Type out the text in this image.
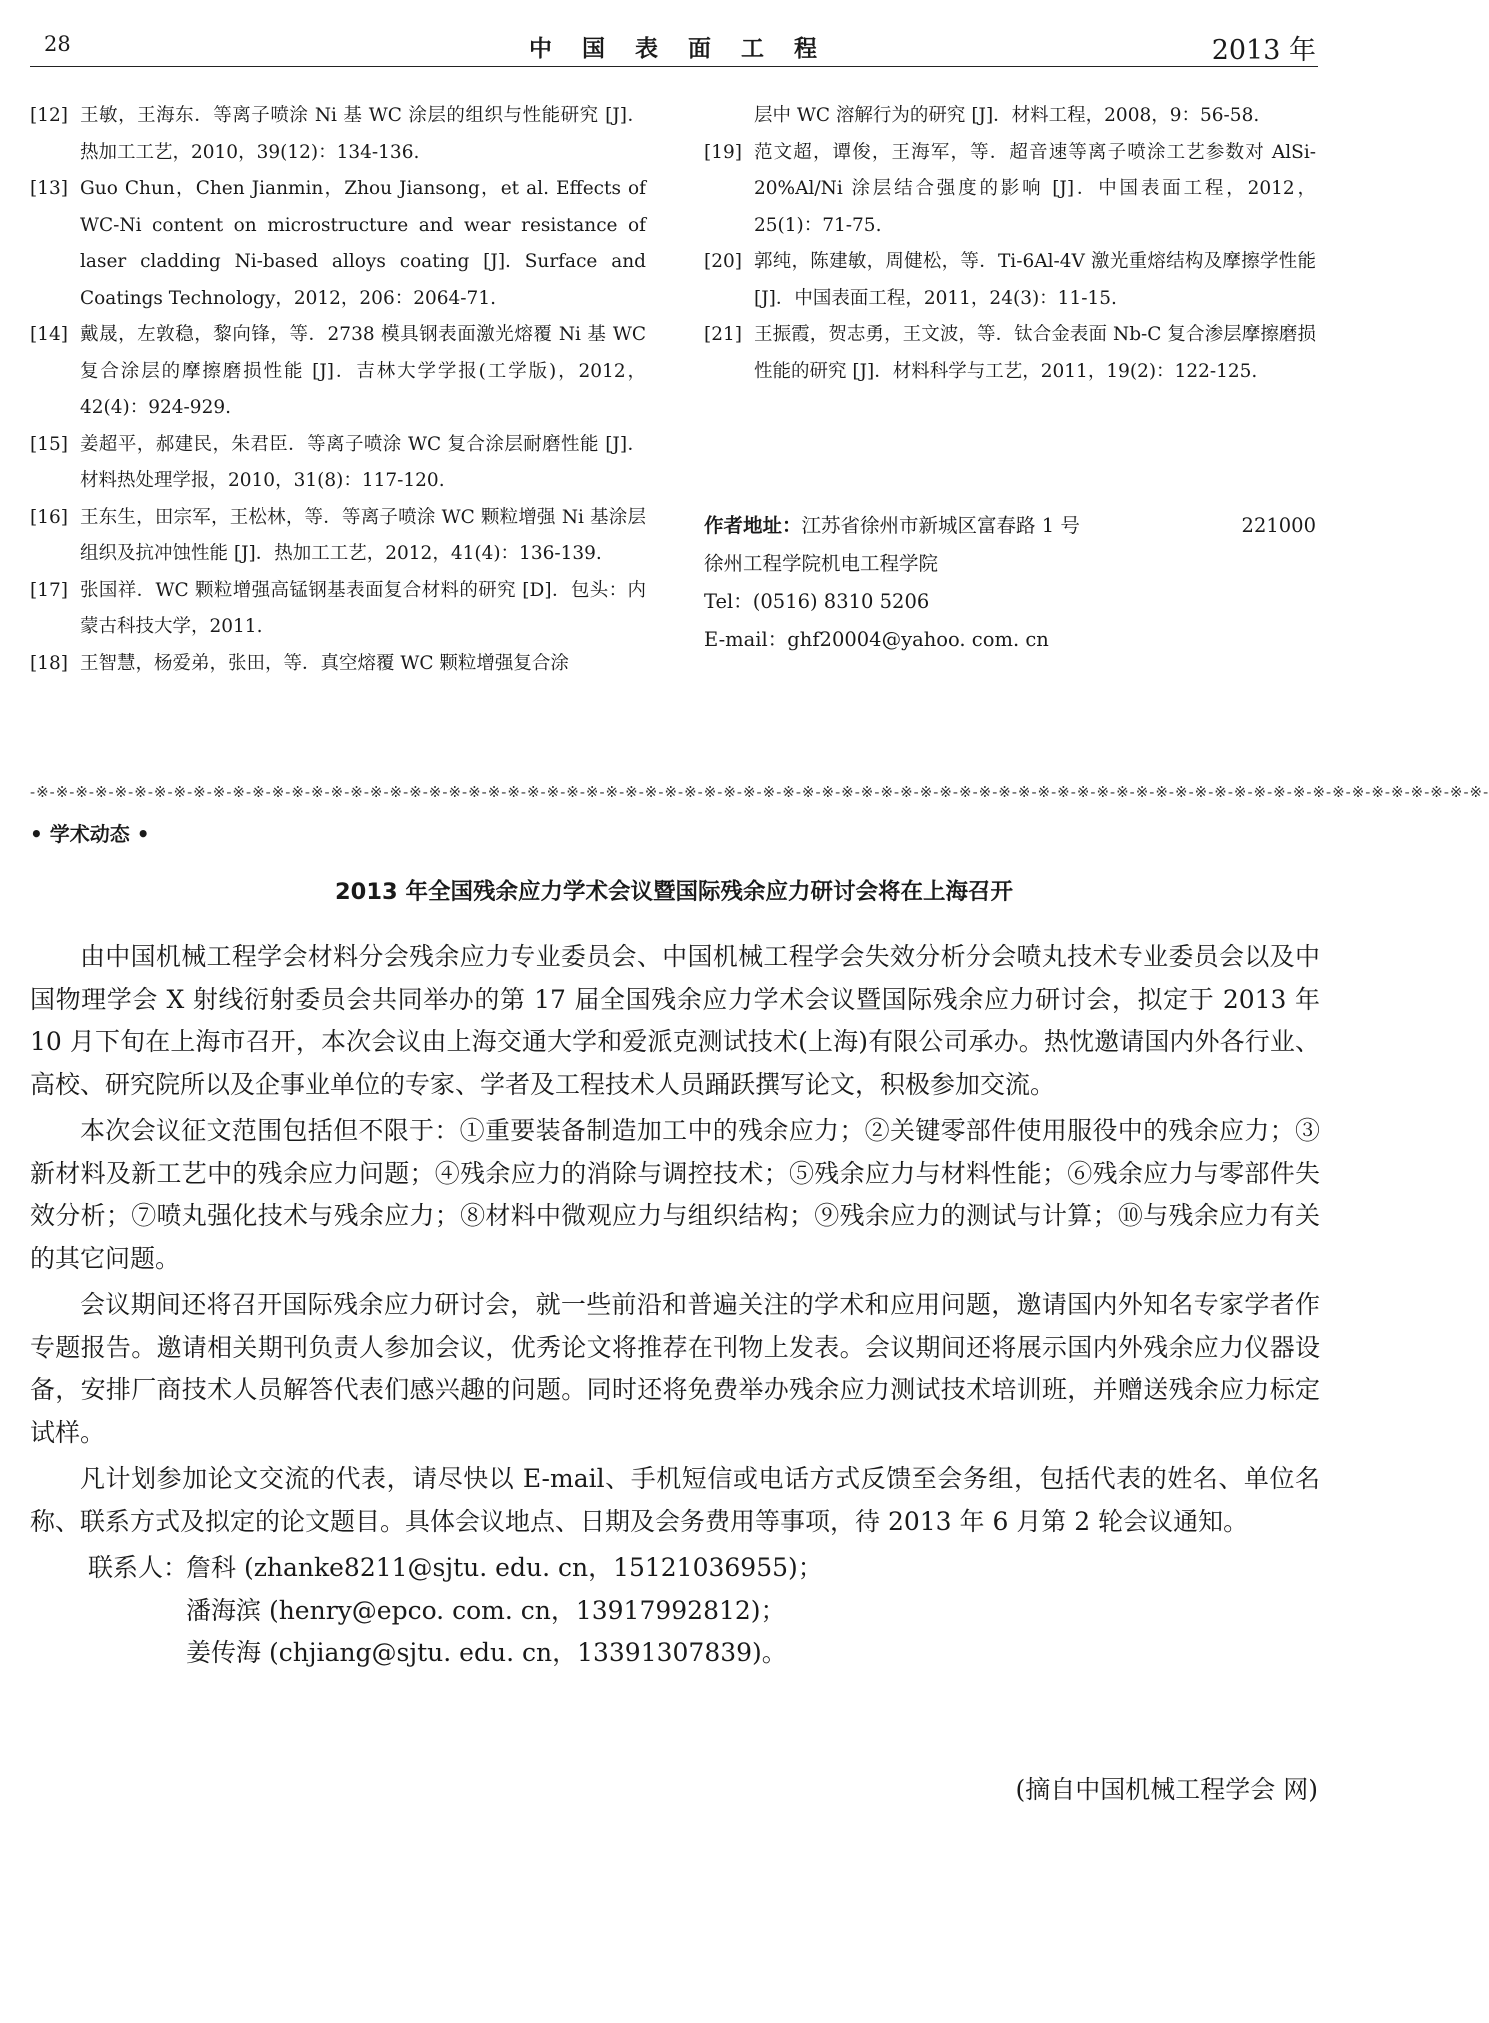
28	中国表面工程	2013 年
[12] 王敏，王海东．等离子喷涂 Ni 基 WC 涂层的组织与性能研究 [J]．热加工工艺，2010，39(12)：134-136.
[13] Guo Chun，Chen Jianmin，Zhou Jiansong，et al. Effects of WC-Ni content on microstructure and wear resistance of laser cladding Ni-based alloys coating [J]. Surface and Coatings Technology，2012，206：2064-71.
[14] 戴晟，左敦稳，黎向锋，等．2738 模具钢表面激光熔覆 Ni 基 WC 复合涂层的摩擦磨损性能 [J]．吉林大学学报(工学版)，2012，42(4)：924-929.
[15] 姜超平，郝建民，朱君臣．等离子喷涂 WC 复合涂层耐磨性能 [J]．材料热处理学报，2010，31(8)：117-120.
[16] 王东生，田宗军，王松林，等．等离子喷涂 WC 颗粒增强 Ni 基涂层组织及抗冲蚀性能 [J]．热加工工艺，2012，41(4)：136-139.
[17] 张国祥．WC 颗粒增强高锰钢基表面复合材料的研究 [D]．包头：内蒙古科技大学，2011.
[18] 王智慧，杨爱弟，张田，等．真空熔覆 WC 颗粒增强复合涂
层中 WC 溶解行为的研究 [J]．材料工程，2008，9：56-58.
[19] 范文超，谭俊，王海军，等．超音速等离子喷涂工艺参数对 AlSi-20%Al/Ni 涂层结合强度的影响 [J]．中国表面工程，2012，25(1)：71-75.
[20] 郭纯，陈建敏，周健松，等．Ti-6Al-4V 激光重熔结构及摩擦学性能 [J]．中国表面工程，2011，24(3)：11-15.
[21] 王振霞，贺志勇，王文波，等．钛合金表面 Nb-C 复合渗层摩擦磨损性能的研究 [J]．材料科学与工艺，2011，19(2)：122-125.
作者地址：江苏省徐州市新城区富春路 1 号	221000
徐州工程学院机电工程学院
Tel：(0516) 8310 5206
E-mail：ghf20004@yahoo. com. cn
-※-※-※-※-※-※-※-※-※-※-※-※-※-※-※-※-※-※-※-※-※-※-※-※-※-※-※-※-※-※-※-※-※-※-※-※-※-※-※-※-※-※-※-※-※-※-※-※-※-※-※-※-※-※-※-※-※-※-※-※-※-※-※-※-※-※-※-※-※-※-※-※-※-※-
• 学术动态 •
2013 年全国残余应力学术会议暨国际残余应力研讨会将在上海召开

由中国机械工程学会材料分会残余应力专业委员会、中国机械工程学会失效分析分会喷丸技术专业委员会以及中国物理学会 X 射线衍射委员会共同举办的第 17 届全国残余应力学术会议暨国际残余应力研讨会，拟定于 2013 年 10 月下旬在上海市召开，本次会议由上海交通大学和爱派克测试技术(上海)有限公司承办。热忱邀请国内外各行业、高校、研究院所以及企事业单位的专家、学者及工程技术人员踊跃撰写论文，积极参加交流。

本次会议征文范围包括但不限于：①重要装备制造加工中的残余应力；②关键零部件使用服役中的残余应力；③新材料及新工艺中的残余应力问题；④残余应力的消除与调控技术；⑤残余应力与材料性能；⑥残余应力与零部件失效分析；⑦喷丸强化技术与残余应力；⑧材料中微观应力与组织结构；⑨残余应力的测试与计算；⑩与残余应力有关的其它问题。

会议期间还将召开国际残余应力研讨会，就一些前沿和普遍关注的学术和应用问题，邀请国内外知名专家学者作专题报告。邀请相关期刊负责人参加会议，优秀论文将推荐在刊物上发表。会议期间还将展示国内外残余应力仪器设备，安排厂商技术人员解答代表们感兴趣的问题。同时还将免费举办残余应力测试技术培训班，并赠送残余应力标定试样。

凡计划参加论文交流的代表，请尽快以 E-mail、手机短信或电话方式反馈至会务组，包括代表的姓名、单位名称、联系方式及拟定的论文题目。具体会议地点、日期及会务费用等事项，待 2013 年 6 月第 2 轮会议通知。

联系人：詹科 (zhanke8211@sjtu. edu. cn，15121036955)；
潘海滨 (henry@epco. com. cn，13917992812)；
姜传海 (chjiang@sjtu. edu. cn，13391307839)。
(摘自中国机械工程学会 网)
